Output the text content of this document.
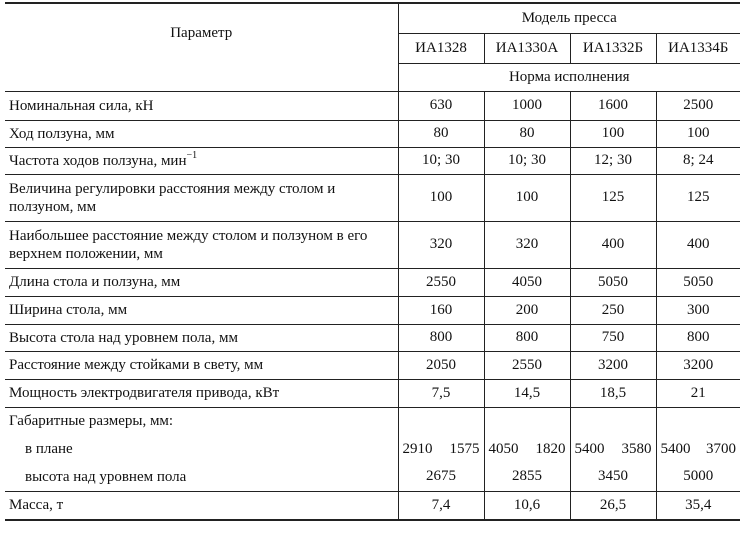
Параметр	Модель пресса			
	ИА1328	ИА1330А	ИА1332Б	ИА1334Б
	Норма исполнения			
Номинальная сила, кН	630	1000	1600	2500
Ход ползуна, мм	80	80	100	100
Частота ходов ползуна, мин$^{-1}$	10; 30	10; 30	12; 30	8; 24
Величина регулировки расстояния между столом и ползуном, мм	100	100	125	125
Наибольшее расстояние между столом и ползуном в его верхнем положении, мм	320	320	400	400
Длина стола и ползуна, мм	2550	4050	5050	5050
Ширина стола, мм	160	200	250	300
Высота стола над уровнем пола, мм	800	800	750	800
Расстояние между стойками в свету, мм	2050	2550	3200	3200
Мощность электродвигателя привода, кВт	7,5	14,5	18,5	21
Габаритные размеры, мм:				
в плане	2910 1575	4050 1820	5400 3580	5400 3700

высота над уровнем пола	2675	2855	3450	5000
Масса, т	7,4	10,6	26,5	35,4
